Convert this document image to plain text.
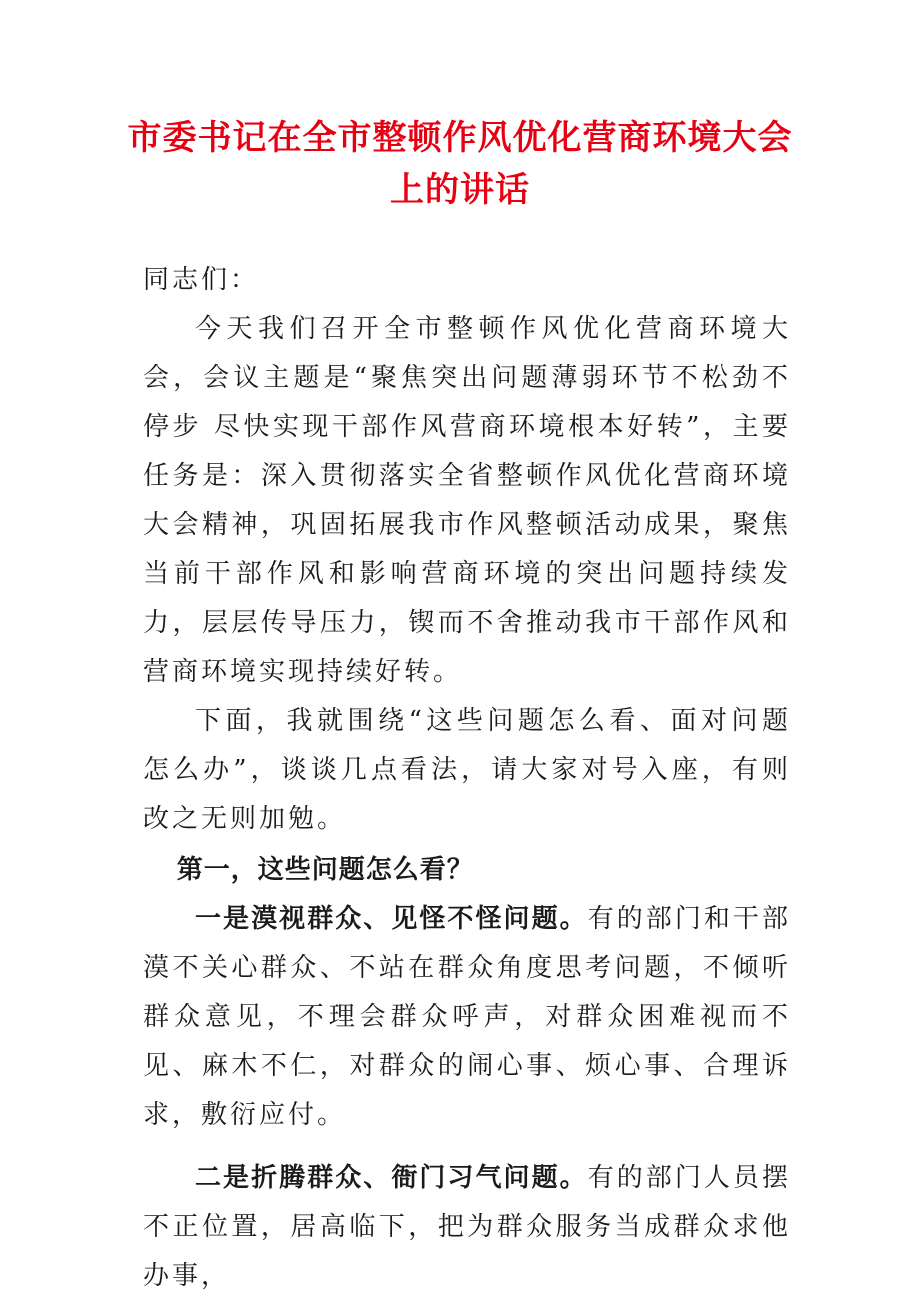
市委书记在全市整顿作风优化营商环境大会上的讲话

同志们：

今天我们召开全市整顿作风优化营商环境大会，会议主题是“聚焦突出问题薄弱环节不松劲不停步 尽快实现干部作风营商环境根本好转”，主要任务是：深入贯彻落实全省整顿作风优化营商环境大会精神，巩固拓展我市作风整顿活动成果，聚焦当前干部作风和影响营商环境的突出问题持续发力，层层传导压力，锲而不舍推动我市干部作风和营商环境实现持续好转。

下面，我就围绕“这些问题怎么看、面对问题怎么办”，谈谈几点看法，请大家对号入座，有则改之无则加勉。

第一，这些问题怎么看？

一是漠视群众、见怪不怪问题。有的部门和干部漠不关心群众、不站在群众角度思考问题，不倾听群众意见，不理会群众呼声，对群众困难视而不见、麻木不仁，对群众的闹心事、烦心事、合理诉求，敷衍应付。

二是折腾群众、衙门习气问题。有的部门人员摆不正位置，居高临下，把为群众服务当成群众求他办事，
